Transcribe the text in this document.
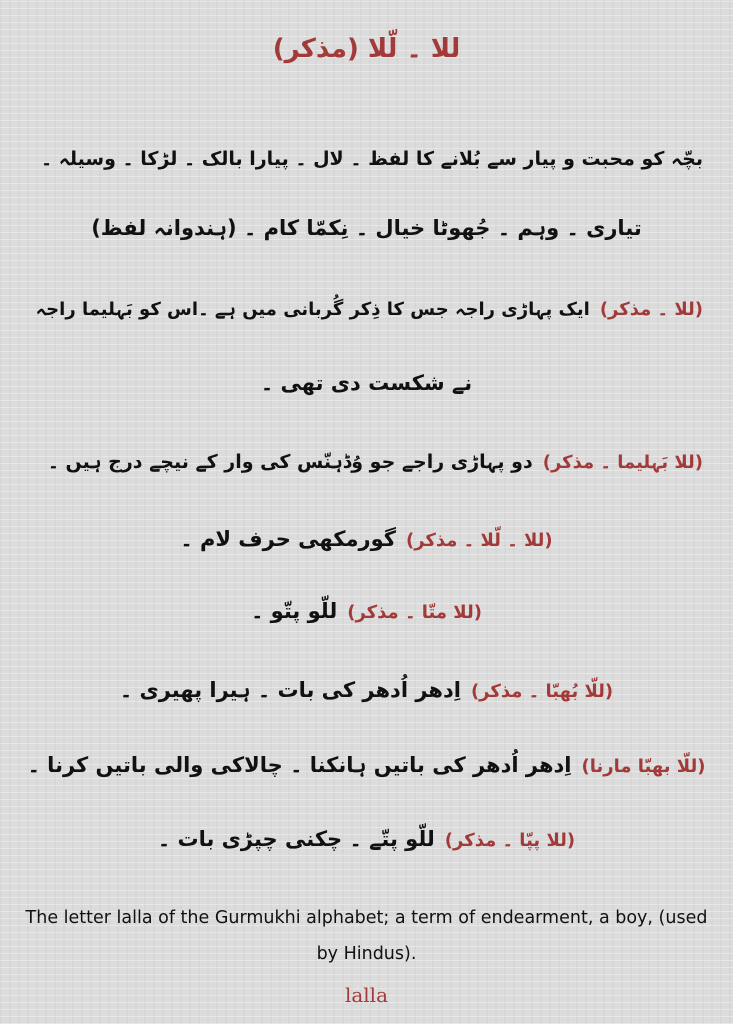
للا ۔ لّلا (مذکر)
بچّہ کو محبت و پیار سے بُلانے کا لفظ ۔ لال ۔ پیارا بالک ۔ لڑکا ۔ وسیلہ ۔
تیاری ۔ وہم ۔ جُھوٹا خیال ۔ نِکمّا کام ۔ (ہندوانہ لفظ)
(للا ۔ مذکر)ایک پہاڑی راجہ جس کا ذِکر گُربانی میں ہے ۔اس کو بَہلیما راجہ
نے شکست دی تھی ۔
(للا بَہلیما ۔ مذکر)دو پہاڑی راجے جو وُڈہنّس کی وار کے نیچے درج ہیں ۔
(للا ۔ لّلا ۔ مذکر)گورمکھی حرف لام ۔
(للا متّا ۔ مذکر)للّو پتّو ۔
(للّا بُھبّا ۔ مذکر)اِدھر اُدھر کی بات ۔ ہیرا پھیری ۔
(للّا بھبّا مارنا)اِدھر اُدھر کی باتیں ہانکنا ۔ چالاکی والی باتیں کرنا ۔
(للا پپّا ۔ مذکر)للّو پتّے ۔ چکنی چپڑی بات ۔
The letter lalla of the Gurmukhi alphabet; a term of endearment, a boy, (used by Hindus).
lalla
